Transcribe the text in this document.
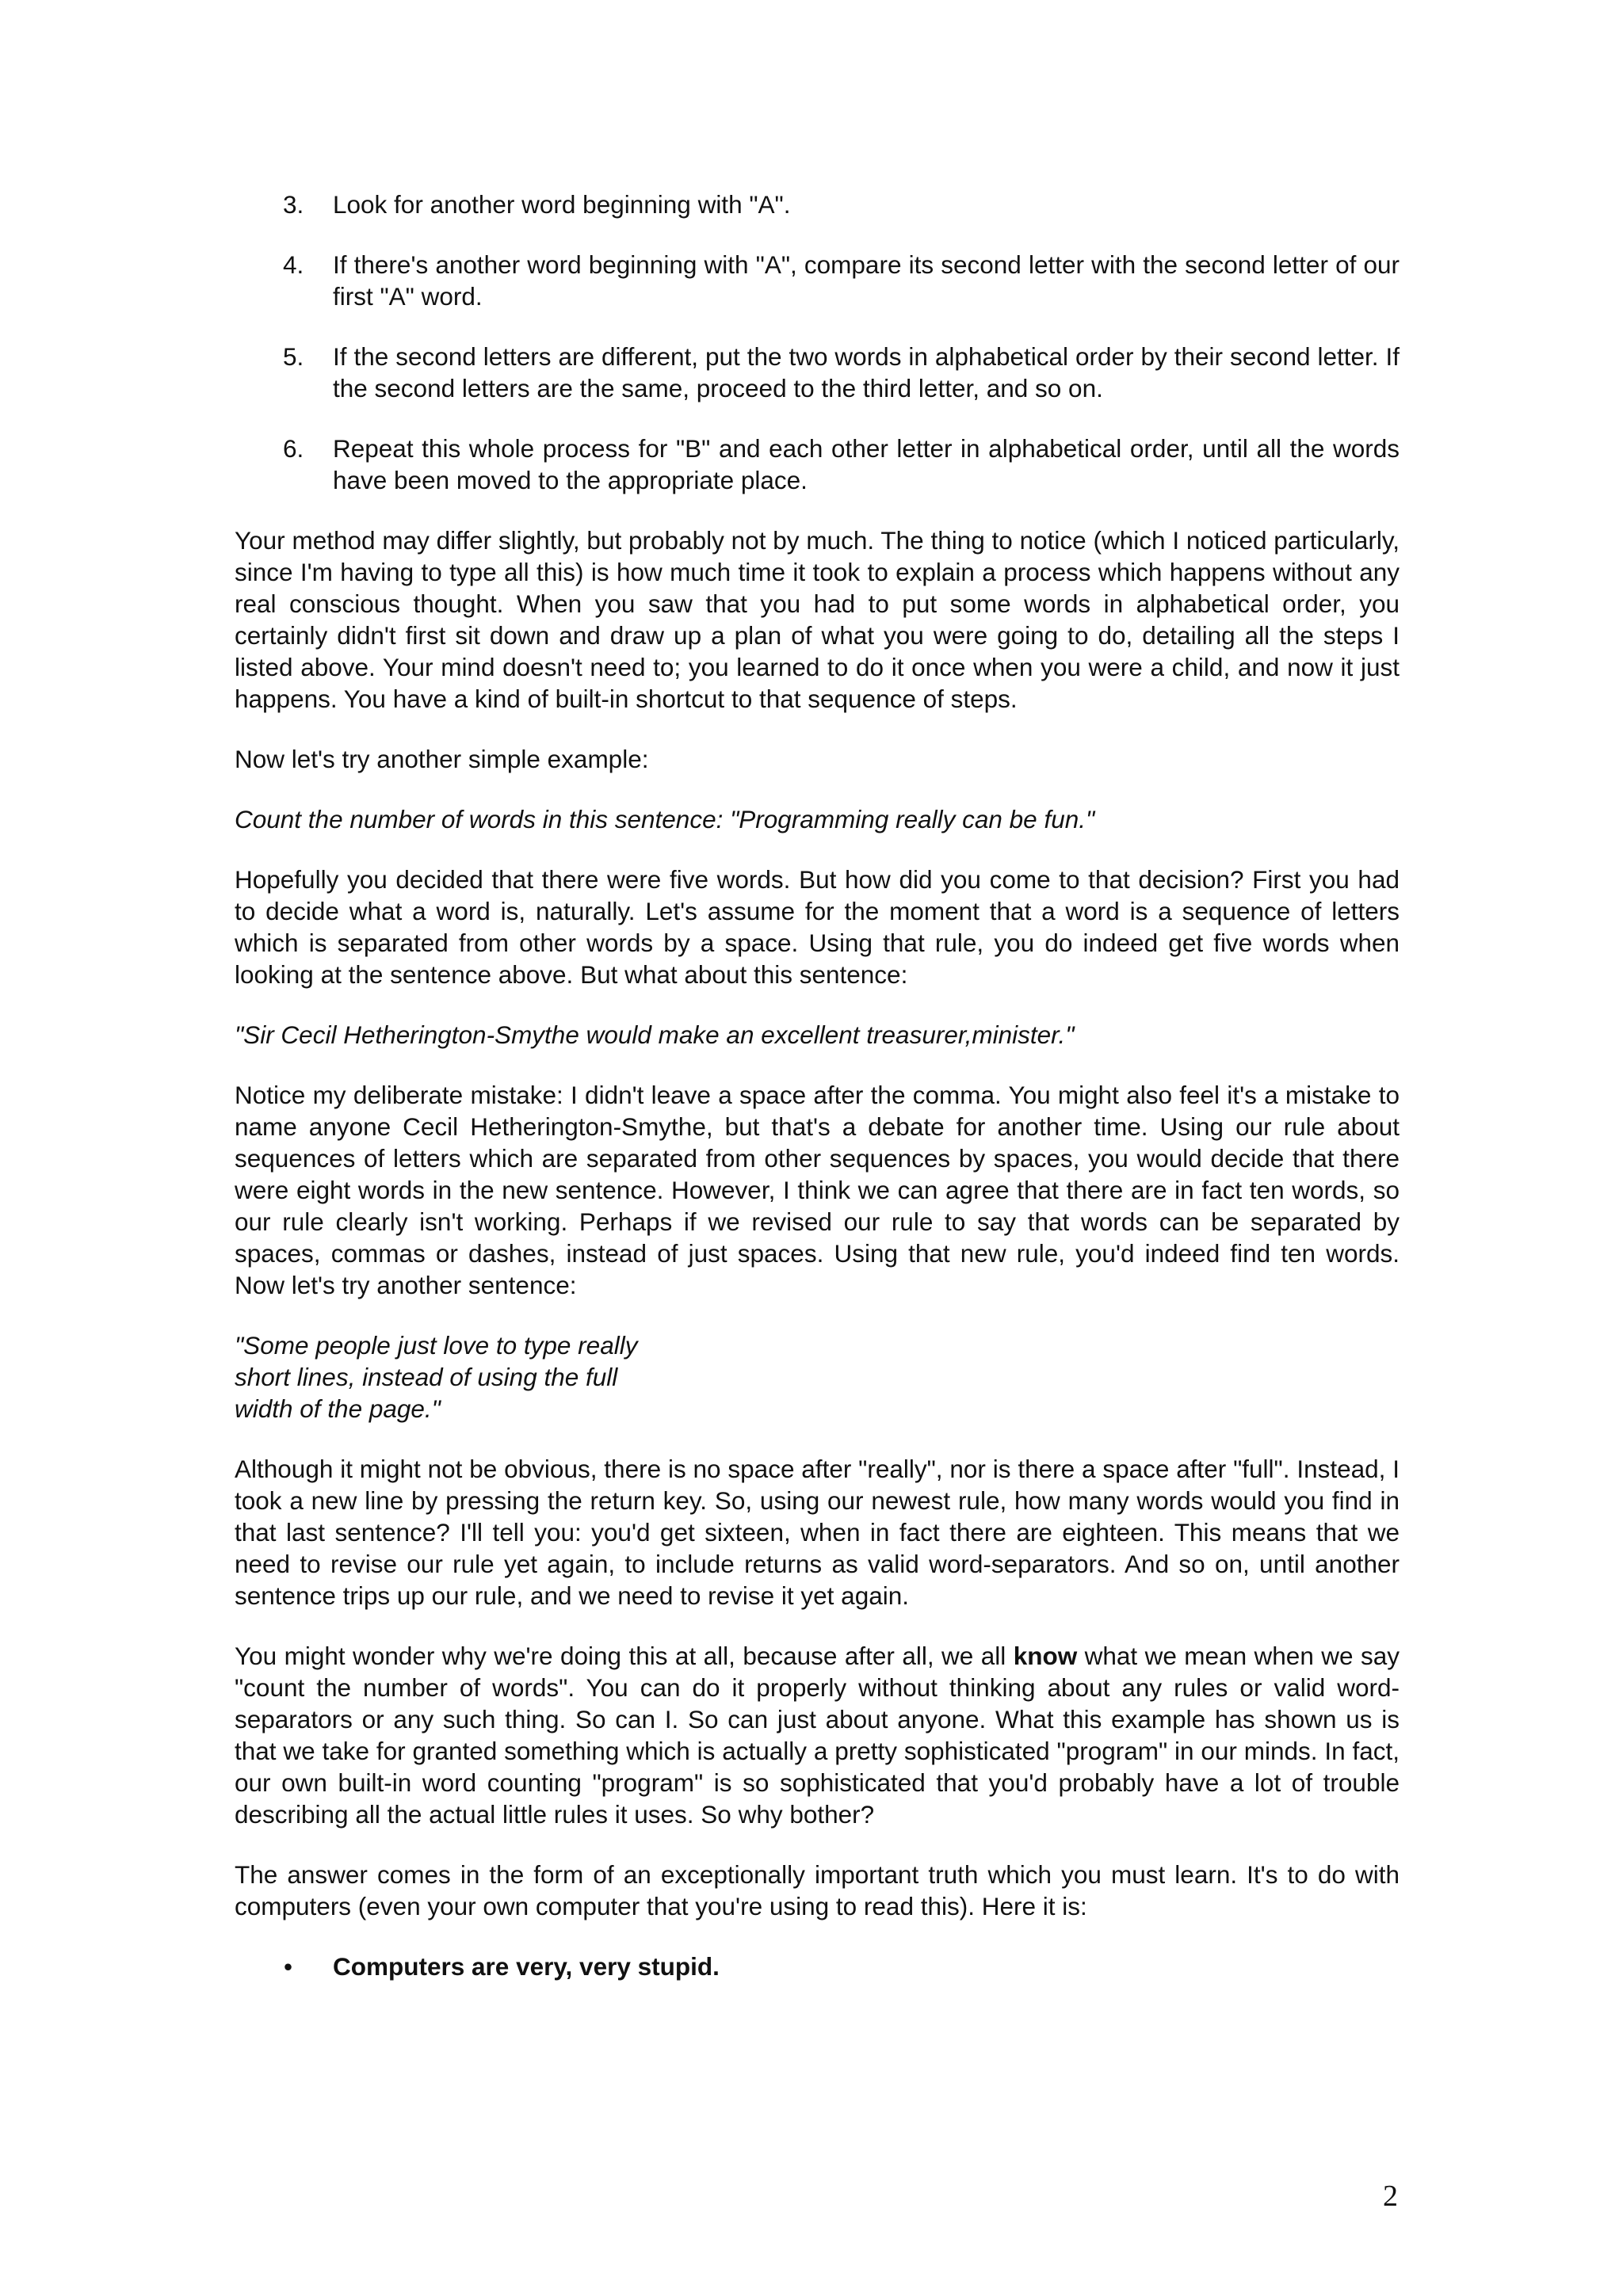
3. Look for another word beginning with "A".
4. If there's another word beginning with "A", compare its second letter with the second letter of our first "A" word.
5. If the second letters are different, put the two words in alphabetical order by their second letter. If the second letters are the same, proceed to the third letter, and so on.
6. Repeat this whole process for "B" and each other letter in alphabetical order, until all the words have been moved to the appropriate place.

Your method may differ slightly, but probably not by much. The thing to notice (which I noticed particularly, since I'm having to type all this) is how much time it took to explain a process which happens without any real conscious thought. When you saw that you had to put some words in alphabetical order, you certainly didn't first sit down and draw up a plan of what you were going to do, detailing all the steps I listed above. Your mind doesn't need to; you learned to do it once when you were a child, and now it just happens. You have a kind of built-in shortcut to that sequence of steps.

Now let's try another simple example:

Count the number of words in this sentence: "Programming really can be fun."

Hopefully you decided that there were five words. But how did you come to that decision? First you had to decide what a word is, naturally. Let's assume for the moment that a word is a sequence of letters which is separated from other words by a space. Using that rule, you do indeed get five words when looking at the sentence above. But what about this sentence:

"Sir Cecil Hetherington-Smythe would make an excellent treasurer,minister."

Notice my deliberate mistake: I didn't leave a space after the comma. You might also feel it's a mistake to name anyone Cecil Hetherington-Smythe, but that's a debate for another time. Using our rule about sequences of letters which are separated from other sequences by spaces, you would decide that there were eight words in the new sentence. However, I think we can agree that there are in fact ten words, so our rule clearly isn't working. Perhaps if we revised our rule to say that words can be separated by spaces, commas or dashes, instead of just spaces. Using that new rule, you'd indeed find ten words. Now let's try another sentence:

"Some people just love to type really
short lines, instead of using the full
width of the page."

Although it might not be obvious, there is no space after "really", nor is there a space after "full". Instead, I took a new line by pressing the return key. So, using our newest rule, how many words would you find in that last sentence? I'll tell you: you'd get sixteen, when in fact there are eighteen. This means that we need to revise our rule yet again, to include returns as valid word-separators. And so on, until another sentence trips up our rule, and we need to revise it yet again.

You might wonder why we're doing this at all, because after all, we all know what we mean when we say "count the number of words". You can do it properly without thinking about any rules or valid word-separators or any such thing. So can I. So can just about anyone. What this example has shown us is that we take for granted something which is actually a pretty sophisticated "program" in our minds. In fact, our own built-in word counting "program" is so sophisticated that you'd probably have a lot of trouble describing all the actual little rules it uses. So why bother?

The answer comes in the form of an exceptionally important truth which you must learn. It's to do with computers (even your own computer that you're using to read this). Here it is:

• Computers are very, very stupid.
2
